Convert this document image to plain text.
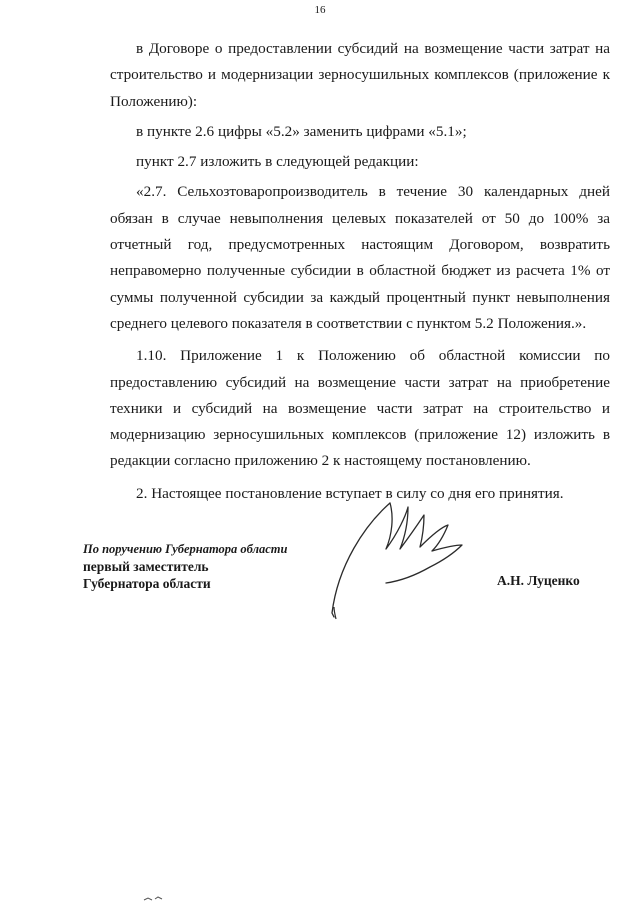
16

в Договоре о предоставлении субсидий на возмещение части затрат на строительство и модернизации зерносушильных комплексов (приложение к Положению):

в пункте 2.6 цифры «5.2» заменить цифрами «5.1»;

пункт 2.7 изложить в следующей редакции:

«2.7. Сельхозтоваропроизводитель в течение 30 календарных дней обязан в случае невыполнения целевых показателей от 50 до 100% за отчетный год, предусмотренных настоящим Договором, возвратить неправомерно полученные субсидии в областной бюджет из расчета 1% от суммы полученной субсидии за каждый процентный пункт невыполнения среднего целевого показателя в соответствии с пунктом 5.2 Положения.».

1.10. Приложение 1 к Положению об областной комиссии по предоставлению субсидий на возмещение части затрат на приобретение техники и субсидий на возмещение части затрат на строительство и модернизацию зерносушильных комплексов (приложение 12) изложить в редакции согласно приложению 2 к настоящему постановлению.

2. Настоящее постановление вступает в силу со дня его принятия.

По поручению Губернатора области
первый заместитель
Губернатора области	А.Н. Луценко
